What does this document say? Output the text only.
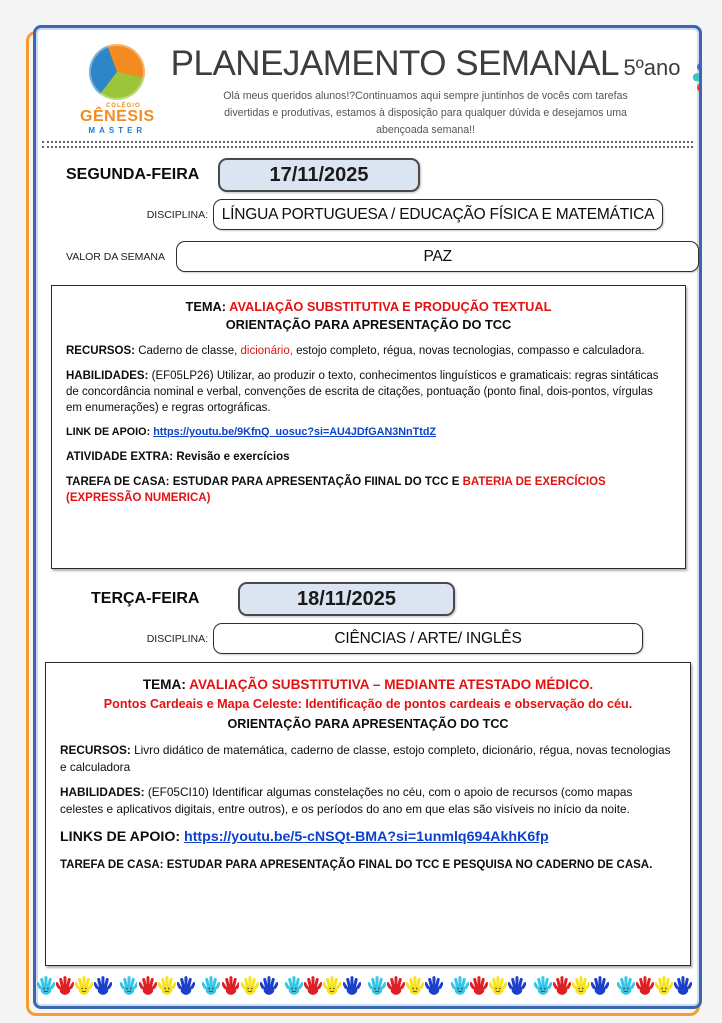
COLÉGIO
GÊNESIS
MASTER
PLANEJAMENTO SEMANAL 5ºano

Olá meus queridos alunos!?Continuamos aqui sempre juntinhos de vocês com tarefas divertidas e produtivas, estamos à disposição para qualquer dúvida e desejamos uma abençoada semana!!

SEGUNDA-FEIRA	17/11/2025
DISCIPLINA: LÍNGUA PORTUGUESA / EDUCAÇÃO FÍSICA E MATEMÁTICA
VALOR DA SEMANA	PAZ
TEMA: AVALIAÇÃO SUBSTITUTIVA E PRODUÇÃO TEXTUAL
ORIENTAÇÃO PARA APRESENTAÇÃO DO TCC

RECURSOS: Caderno de classe, dicionário, estojo completo, régua, novas tecnologias, compasso e calculadora.

HABILIDADES: (EF05LP26) Utilizar, ao produzir o texto, conhecimentos linguísticos e gramaticais: regras sintáticas de concordância nominal e verbal, convenções de escrita de citações, pontuação (ponto final, dois-pontos, vírgulas em enumerações) e regras ortográficas.

LINK DE APOIO: https://youtu.be/9KfnQ_uosuc?si=AU4JDfGAN3NnTtdZ

ATIVIDADE EXTRA: Revisão e exercícios

TAREFA DE CASA: ESTUDAR PARA APRESENTAÇÃO FIINAL DO TCC E BATERIA DE EXERCÍCIOS (EXPRESSÃO NUMERICA)

TERÇA-FEIRA	18/11/2025
DISCIPLINA:	CIÊNCIAS / ARTE/ INGLÊS
TEMA: AVALIAÇÃO SUBSTITUTIVA – MEDIANTE ATESTADO MÉDICO.
Pontos Cardeais e Mapa Celeste: Identificação de pontos cardeais e observação do céu.
ORIENTAÇÃO PARA APRESENTAÇÃO DO TCC

RECURSOS: Livro didático de matemática, caderno de classe, estojo completo, dicionário, régua, novas tecnologias e calculadora

HABILIDADES: (EF05CI10) Identificar algumas constelações no céu, com o apoio de recursos (como mapas celestes e aplicativos digitais, entre outros), e os períodos do ano em que elas são visíveis no início da noite.

LINKS DE APOIO: https://youtu.be/5-cNSQt-BMA?si=1unmlq694AkhK6fp

TAREFA DE CASA: ESTUDAR PARA APRESENTAÇÃO FINAL DO TCC E PESQUISA NO CADERNO DE CASA.
